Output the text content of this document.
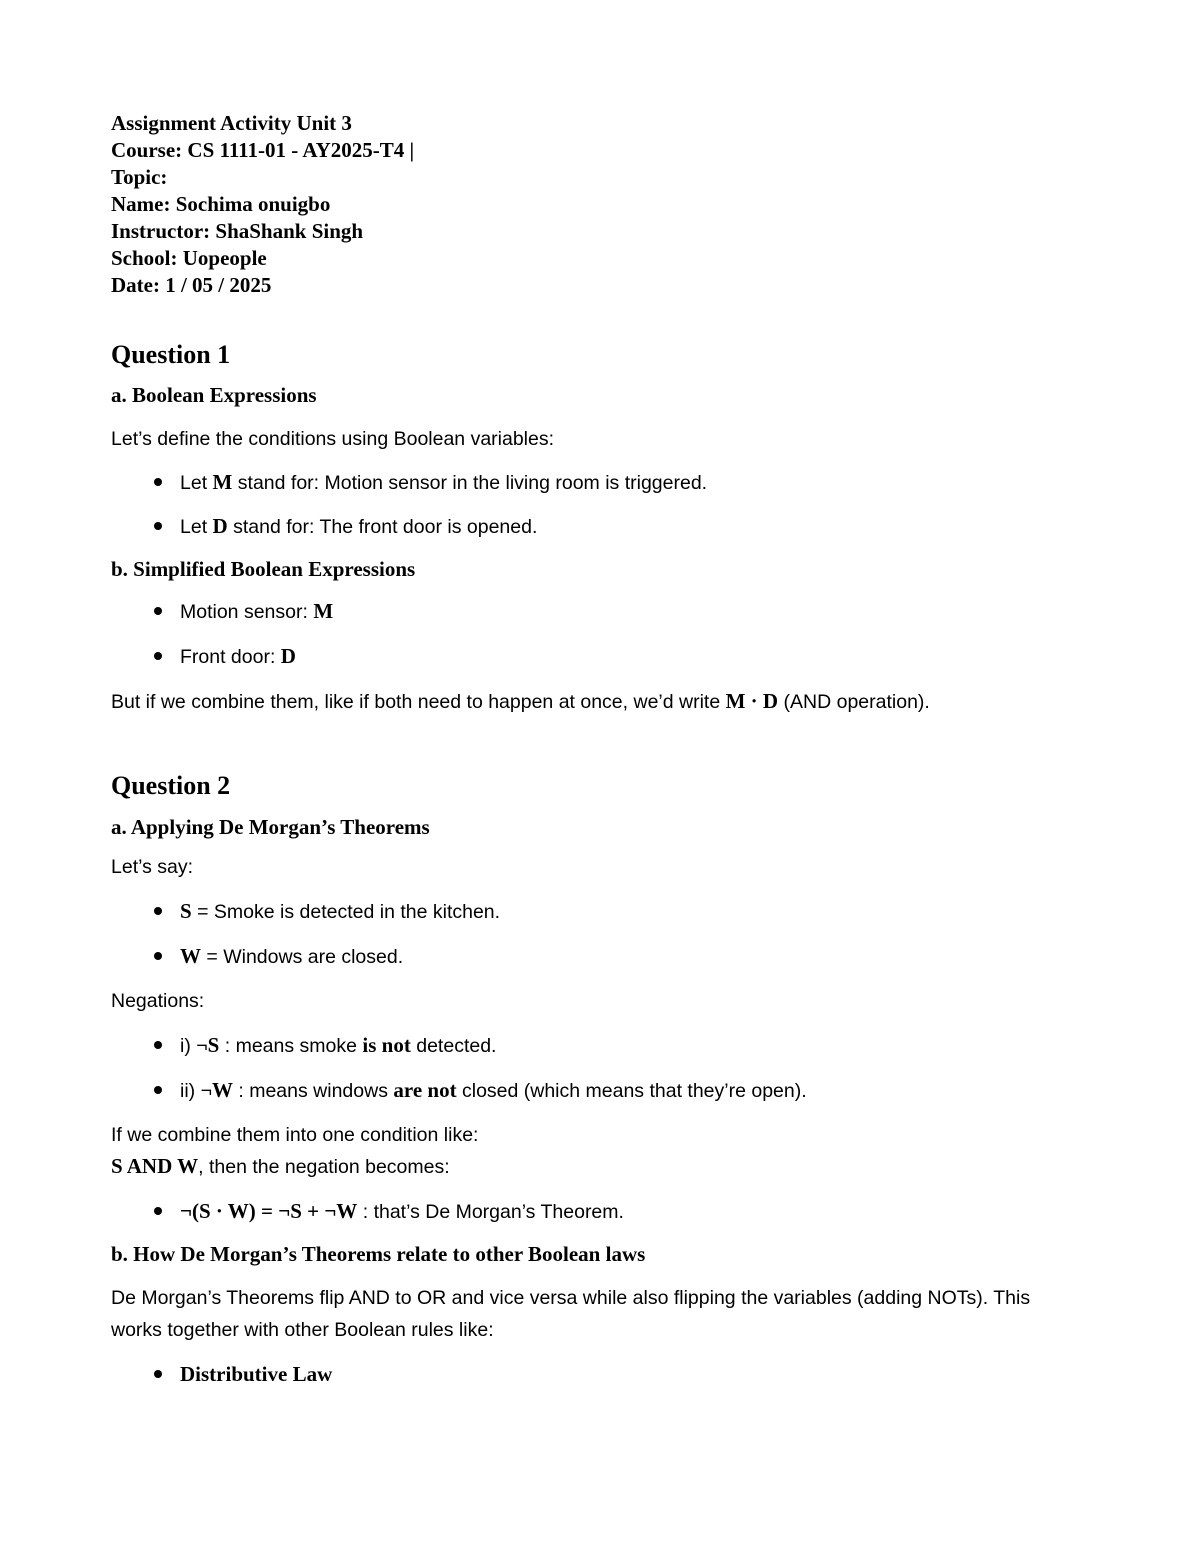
Assignment Activity Unit 3

Course: CS 1111-01 - AY2025-T4 |

Topic:

Name: Sochima onuigbo

Instructor: ShaShank Singh

School: Uopeople

Date: 1 / 05 / 2025

Question 1
a. Boolean Expressions

Let’s define the conditions using Boolean variables:

Let M stand for: Motion sensor in the living room is triggered.
Let D stand for: The front door is opened.
b. Simplified Boolean Expressions
Motion sensor: M
Front door: D

But if we combine them, like if both need to happen at once, we’d write M · D (AND operation).

Question 2
a. Applying De Morgan’s Theorems

Let’s say:

S = Smoke is detected in the kitchen.
W = Windows are closed.

Negations:

i) ¬S : means smoke is not detected.
ii) ¬W : means windows are not closed (which means that they’re open).

If we combine them into one condition like:

S AND W, then the negation becomes:

¬(S · W) = ¬S + ¬W : that’s De Morgan’s Theorem.
b. How De Morgan’s Theorems relate to other Boolean laws

De Morgan’s Theorems flip AND to OR and vice versa while also flipping the variables (adding NOTs). This works together with other Boolean rules like:

Distributive Law
